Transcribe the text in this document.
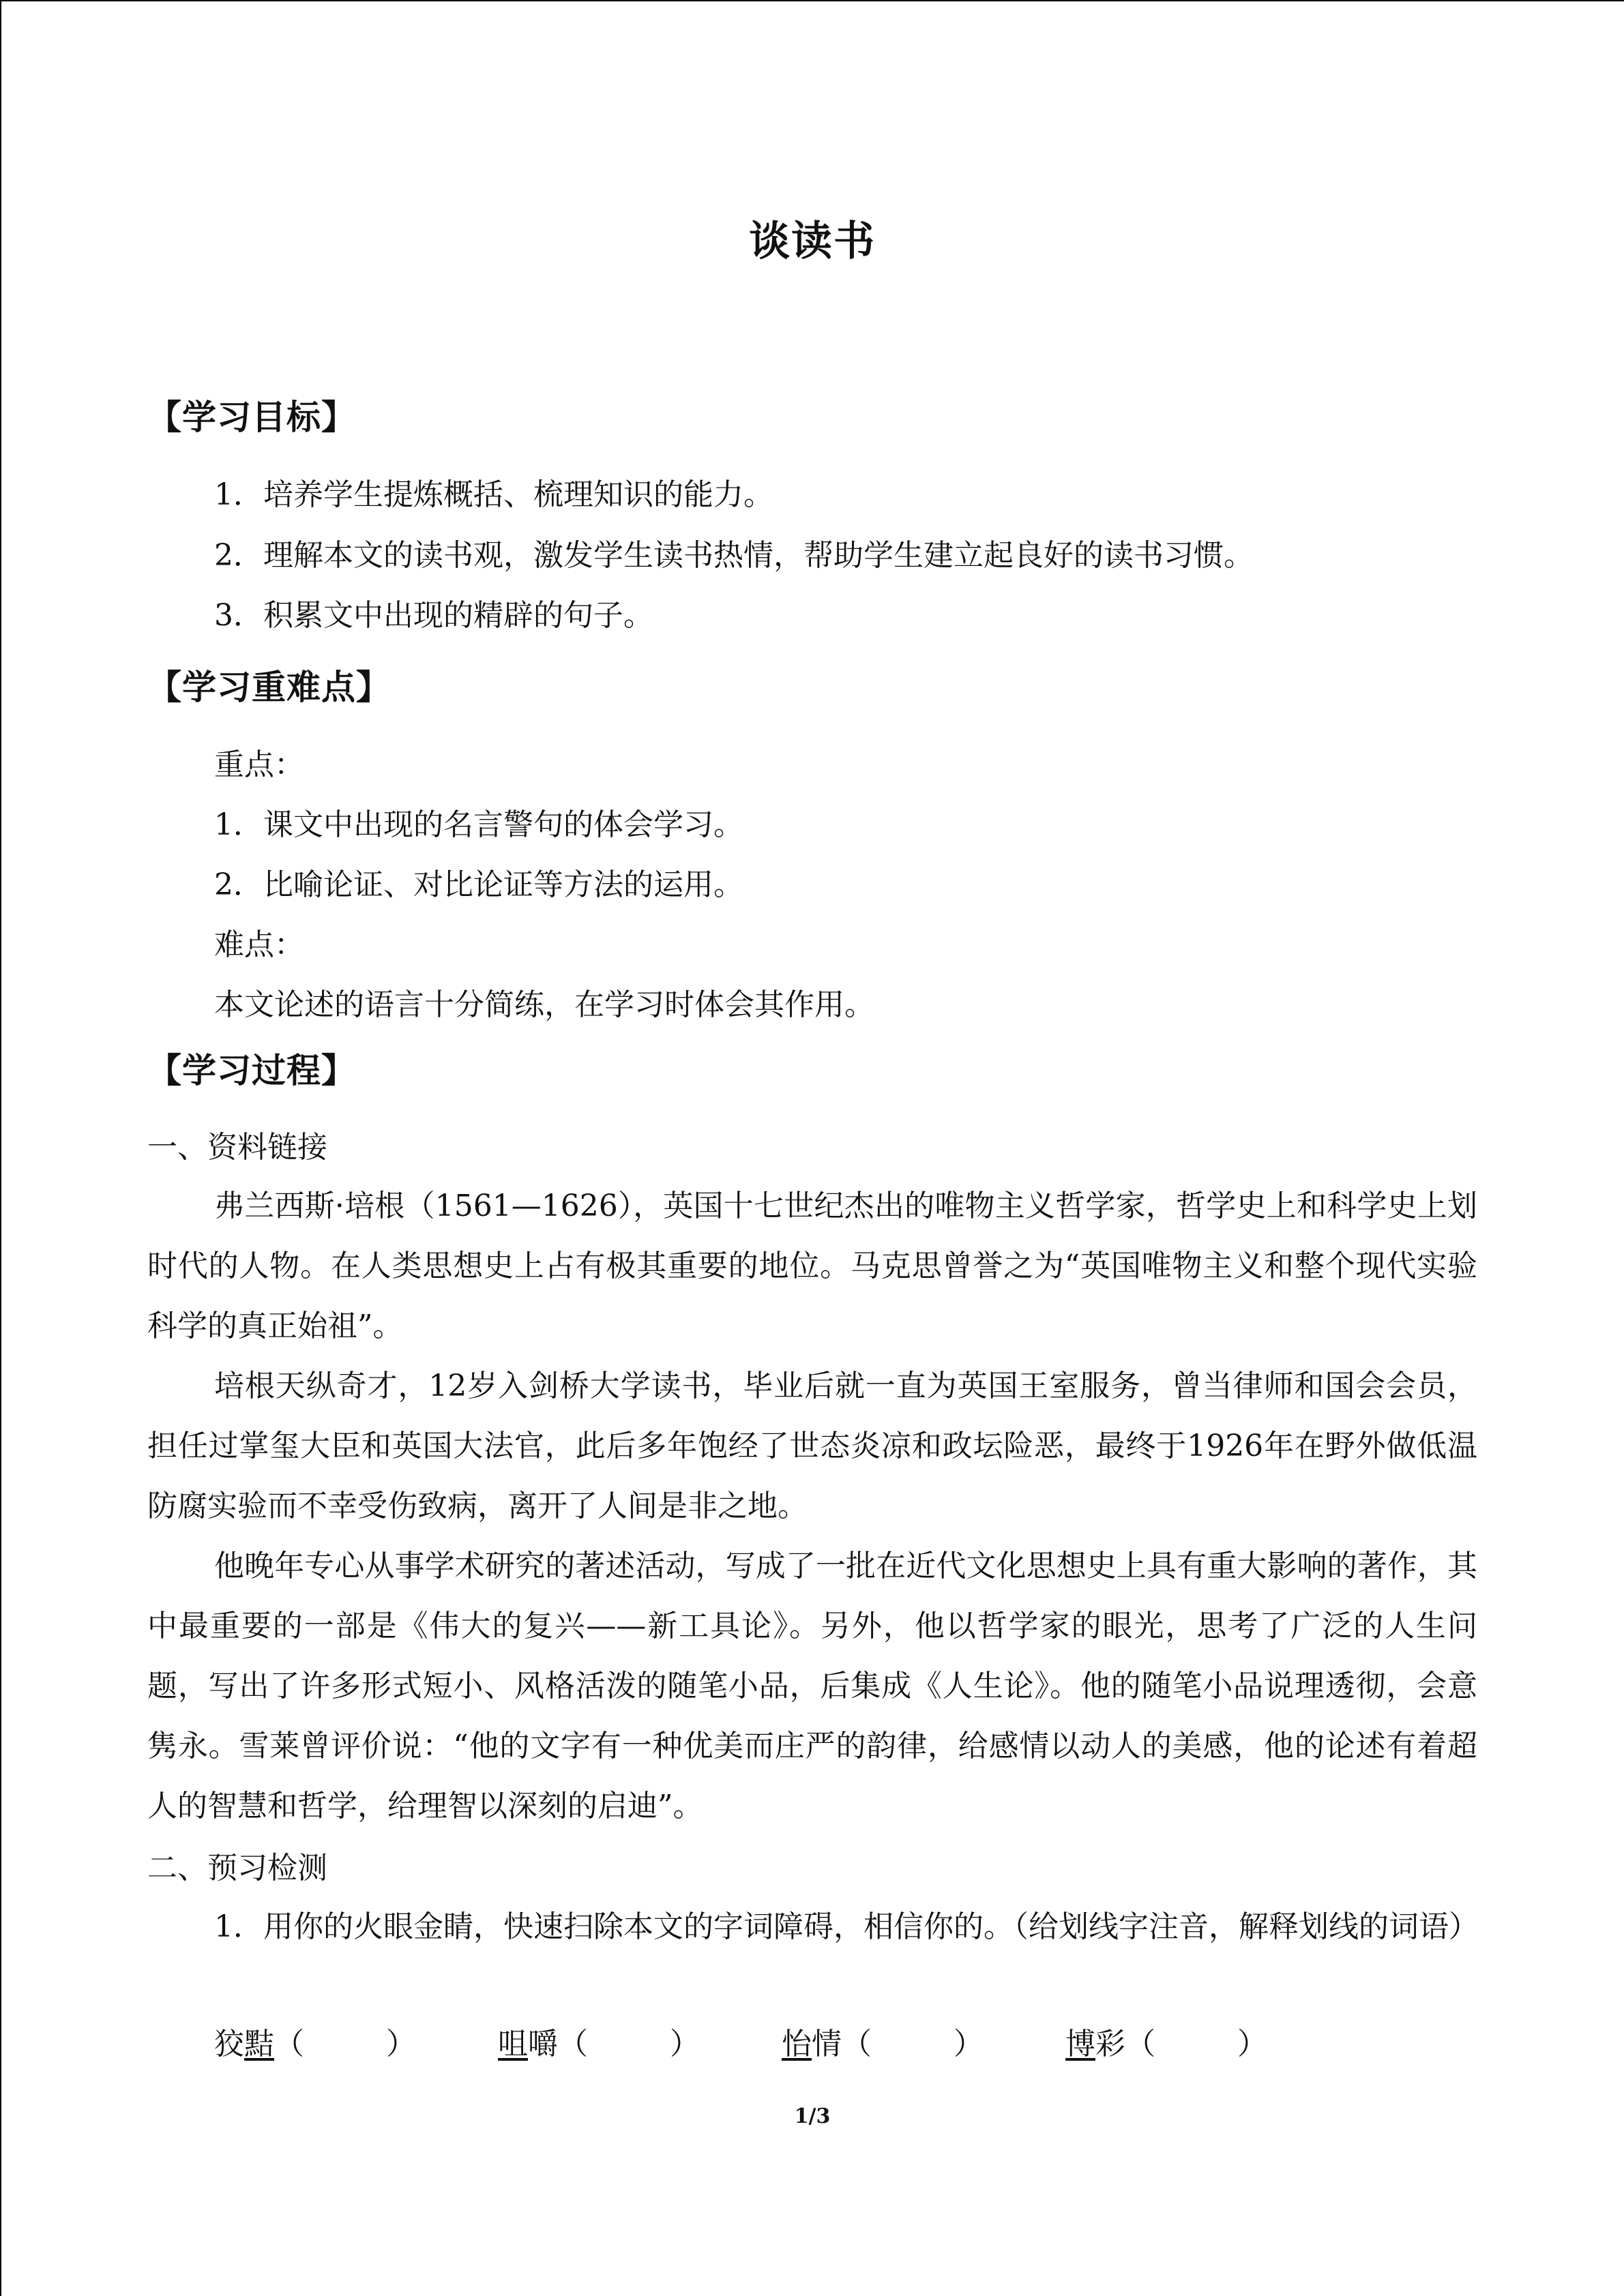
谈读书
【学习目标】
1．培养学生提炼概括、梳理知识的能力。
2．理解本文的读书观，激发学生读书热情，帮助学生建立起良好的读书习惯。
3．积累文中出现的精辟的句子。
【学习重难点】
重点：
1．课文中出现的名言警句的体会学习。
2．比喻论证、对比论证等方法的运用。
难点：
本文论述的语言十分简练，在学习时体会其作用。
【学习过程】
一、资料链接
弗兰西斯·培根（1561—1626），英国十七世纪杰出的唯物主义哲学家，哲学史上和科学史上划时代的人物。在人类思想史上占有极其重要的地位。马克思曾誉之为“英国唯物主义和整个现代实验科学的真正始祖”。
培根天纵奇才，12岁入剑桥大学读书，毕业后就一直为英国王室服务，曾当律师和国会会员，担任过掌玺大臣和英国大法官，此后多年饱经了世态炎凉和政坛险恶，最终于1926年在野外做低温防腐实验而不幸受伤致病，离开了人间是非之地。
他晚年专心从事学术研究的著述活动，写成了一批在近代文化思想史上具有重大影响的著作，其中最重要的一部是《伟大的复兴——新工具论》。另外，他以哲学家的眼光，思考了广泛的人生问题，写出了许多形式短小、风格活泼的随笔小品，后集成《人生论》。他的随笔小品说理透彻，会意隽永。雪莱曾评价说：“他的文字有一种优美而庄严的韵律，给感情以动人的美感，他的论述有着超人的智慧和哲学，给理智以深刻的启迪”。
二、预习检测
1．用你的火眼金睛，快速扫除本文的字词障碍，相信你的。（给划线字注音，解释划线的词语）
狡黠（	）	咀嚼（	）	怡情（	）	博彩（	）
1/3
